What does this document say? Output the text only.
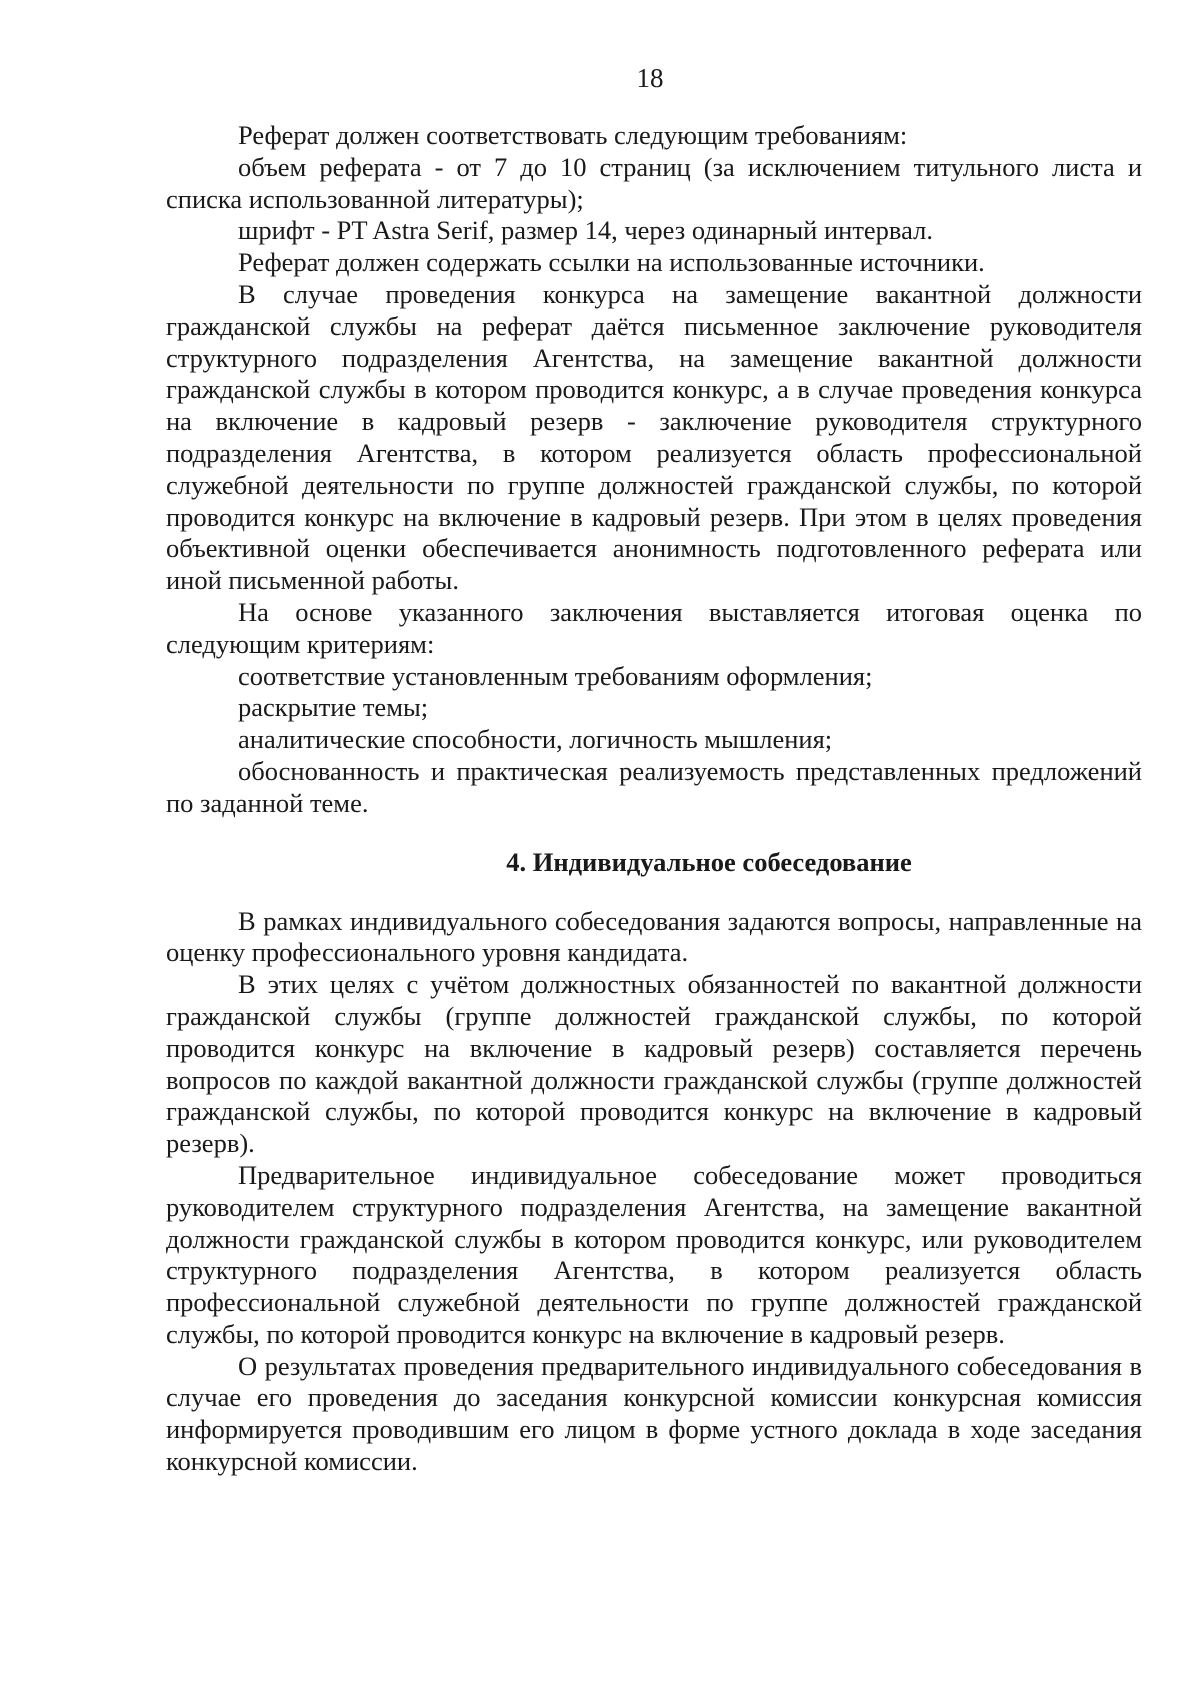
18

Реферат должен соответствовать следующим требованиям:

объем реферата - от 7 до 10 страниц (за исключением титульного листа и списка использованной литературы);

шрифт - PT Astra Serif, размер 14, через одинарный интервал.

Реферат должен содержать ссылки на использованные источники.

В случае проведения конкурса на замещение вакантной должности гражданской службы на реферат даётся письменное заключение руководителя структурного подразделения Агентства, на замещение вакантной должности гражданской службы в котором проводится конкурс, а в случае проведения конкурса на включение в кадровый резерв - заключение руководителя структурного подразделения Агентства, в котором реализуется область профессиональной служебной деятельности по группе должностей гражданской службы, по которой проводится конкурс на включение в кадровый резерв. При этом в целях проведения объективной оценки обеспечивается анонимность подготовленного реферата или иной письменной работы.

На основе указанного заключения выставляется итоговая оценка по следующим критериям:

соответствие установленным требованиям оформления;

раскрытие темы;

аналитические способности, логичность мышления;

обоснованность и практическая реализуемость представленных предложений по заданной теме.

4. Индивидуальное собеседование

В рамках индивидуального собеседования задаются вопросы, направленные на оценку профессионального уровня кандидата.

В этих целях с учётом должностных обязанностей по вакантной должности гражданской службы (группе должностей гражданской службы, по которой проводится конкурс на включение в кадровый резерв) составляется перечень вопросов по каждой вакантной должности гражданской службы (группе должностей гражданской службы, по которой проводится конкурс на включение в кадровый резерв).

Предварительное индивидуальное собеседование может проводиться руководителем структурного подразделения Агентства, на замещение вакантной должности гражданской службы в котором проводится конкурс, или руководителем структурного подразделения Агентства, в котором реализуется область профессиональной служебной деятельности по группе должностей гражданской службы, по которой проводится конкурс на включение в кадровый резерв.

О результатах проведения предварительного индивидуального собеседования в случае его проведения до заседания конкурсной комиссии конкурсная комиссия информируется проводившим его лицом в форме устного доклада в ходе заседания конкурсной комиссии.
